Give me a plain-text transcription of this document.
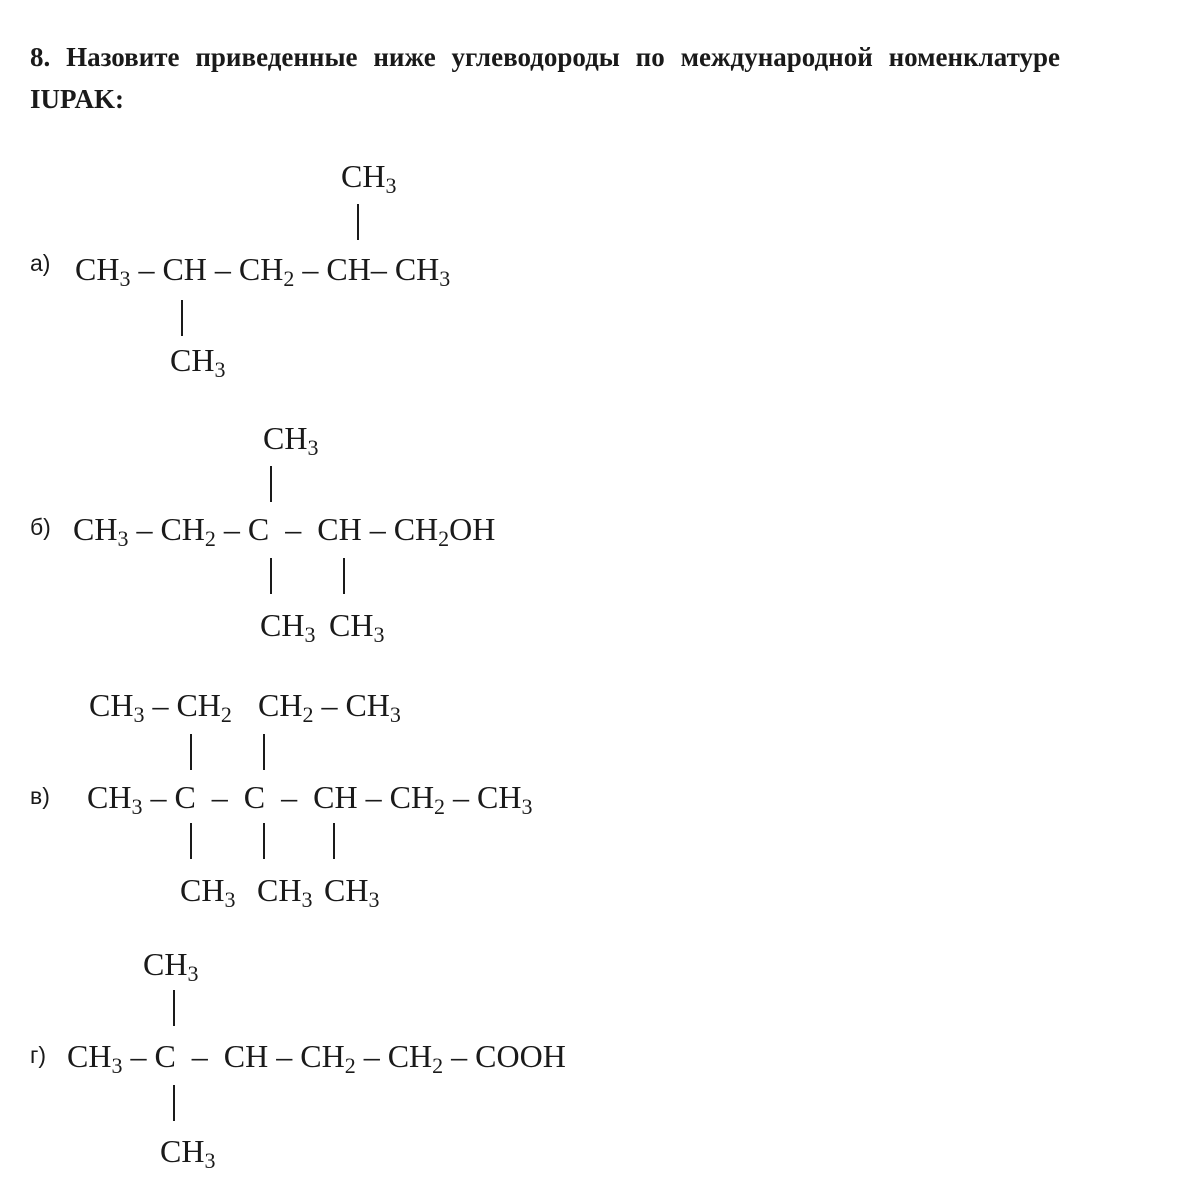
8. Назовите приведенные ниже углеводороды по международной номенклатуре IUPAK:

а)
CH3
CH3 – CH – CH2 – CH– CH3
CH3
б)
CH3
CH3 – CH2 – C  –  CH – CH2OH
CH3 CH3
в)
CH3 – CH2 CH2 – CH3
CH3 – C  –  C  –  CH – CH2 – CH3
CH3 CH3 CH3
г)
CH3
CH3 – C  –  CH – CH2 – CH2 – COOH
CH3
